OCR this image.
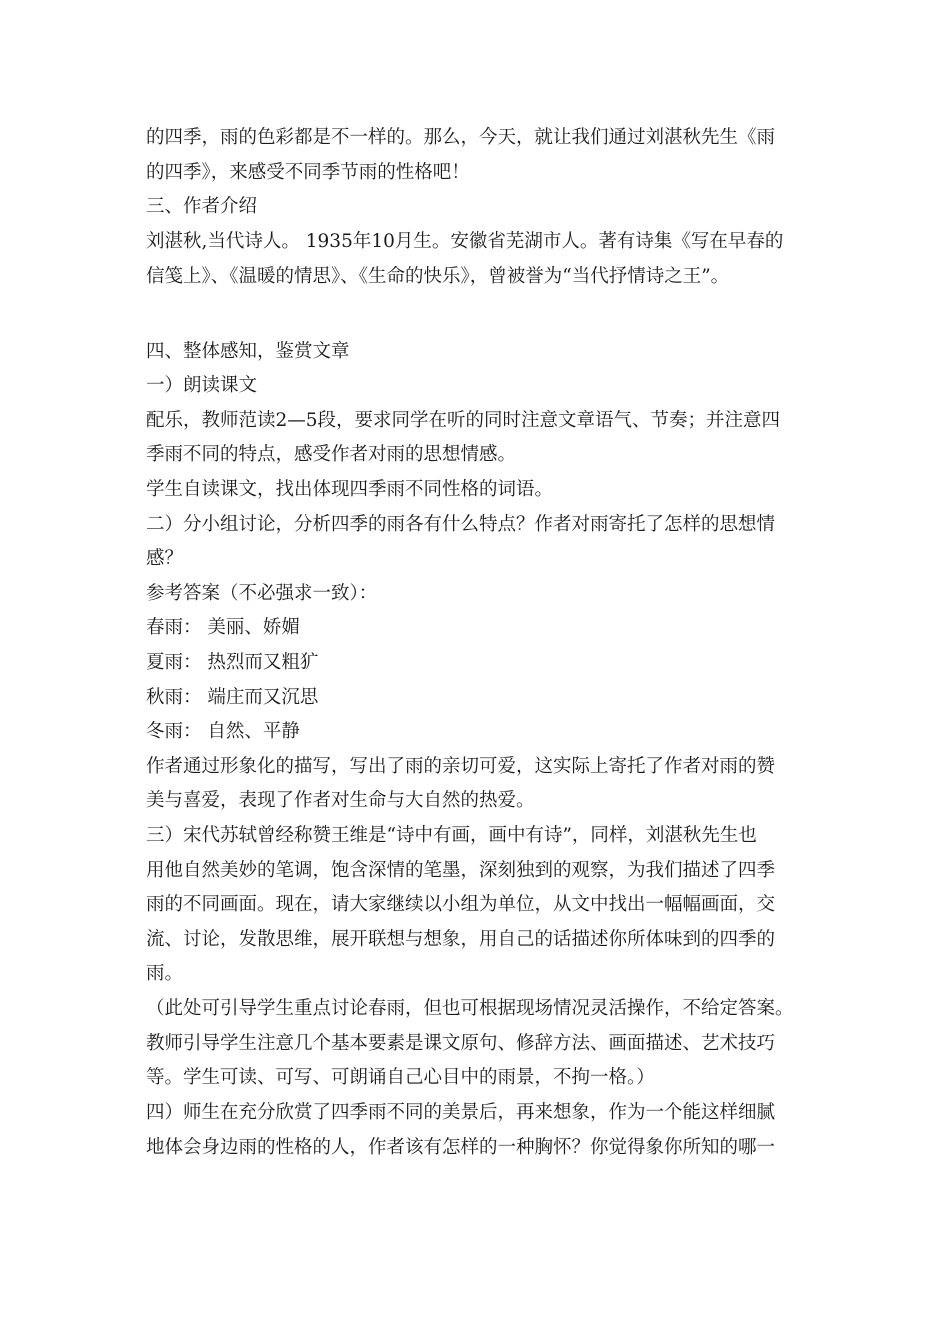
的四季，雨的色彩都是不一样的。那么，今天，就让我们通过刘湛秋先生《雨
的四季》，来感受不同季节雨的性格吧！
三、作者介绍
刘湛秋,当代诗人。 1935年10月生。安徽省芜湖市人。著有诗集《写在早春的
信笺上》、《温暖的情思》、《生命的快乐》，曾被誉为“当代抒情诗之王”。
四、整体感知，鉴赏文章
一）朗读课文
配乐，教师范读2—5段，要求同学在听的同时注意文章语气、节奏；并注意四
季雨不同的特点，感受作者对雨的思想情感。
学生自读课文，找出体现四季雨不同性格的词语。
二）分小组讨论，分析四季的雨各有什么特点？作者对雨寄托了怎样的思想情
感？
参考答案（不必强求一致）：
春雨： 美丽、娇媚
夏雨： 热烈而又粗犷
秋雨： 端庄而又沉思
冬雨： 自然、平静
作者通过形象化的描写，写出了雨的亲切可爱，这实际上寄托了作者对雨的赞
美与喜爱，表现了作者对生命与大自然的热爱。
三）宋代苏轼曾经称赞王维是“诗中有画，画中有诗”，同样，刘湛秋先生也
用他自然美妙的笔调，饱含深情的笔墨，深刻独到的观察，为我们描述了四季
雨的不同画面。现在，请大家继续以小组为单位，从文中找出一幅幅画面，交
流、讨论，发散思维，展开联想与想象，用自己的话描述你所体味到的四季的
雨。
（此处可引导学生重点讨论春雨，但也可根据现场情况灵活操作，不给定答案。
教师引导学生注意几个基本要素是课文原句、修辞方法、画面描述、艺术技巧
等。学生可读、可写、可朗诵自己心目中的雨景，不拘一格。）
四）师生在充分欣赏了四季雨不同的美景后，再来想象，作为一个能这样细腻
地体会身边雨的性格的人，作者该有怎样的一种胸怀？你觉得象你所知的哪一
